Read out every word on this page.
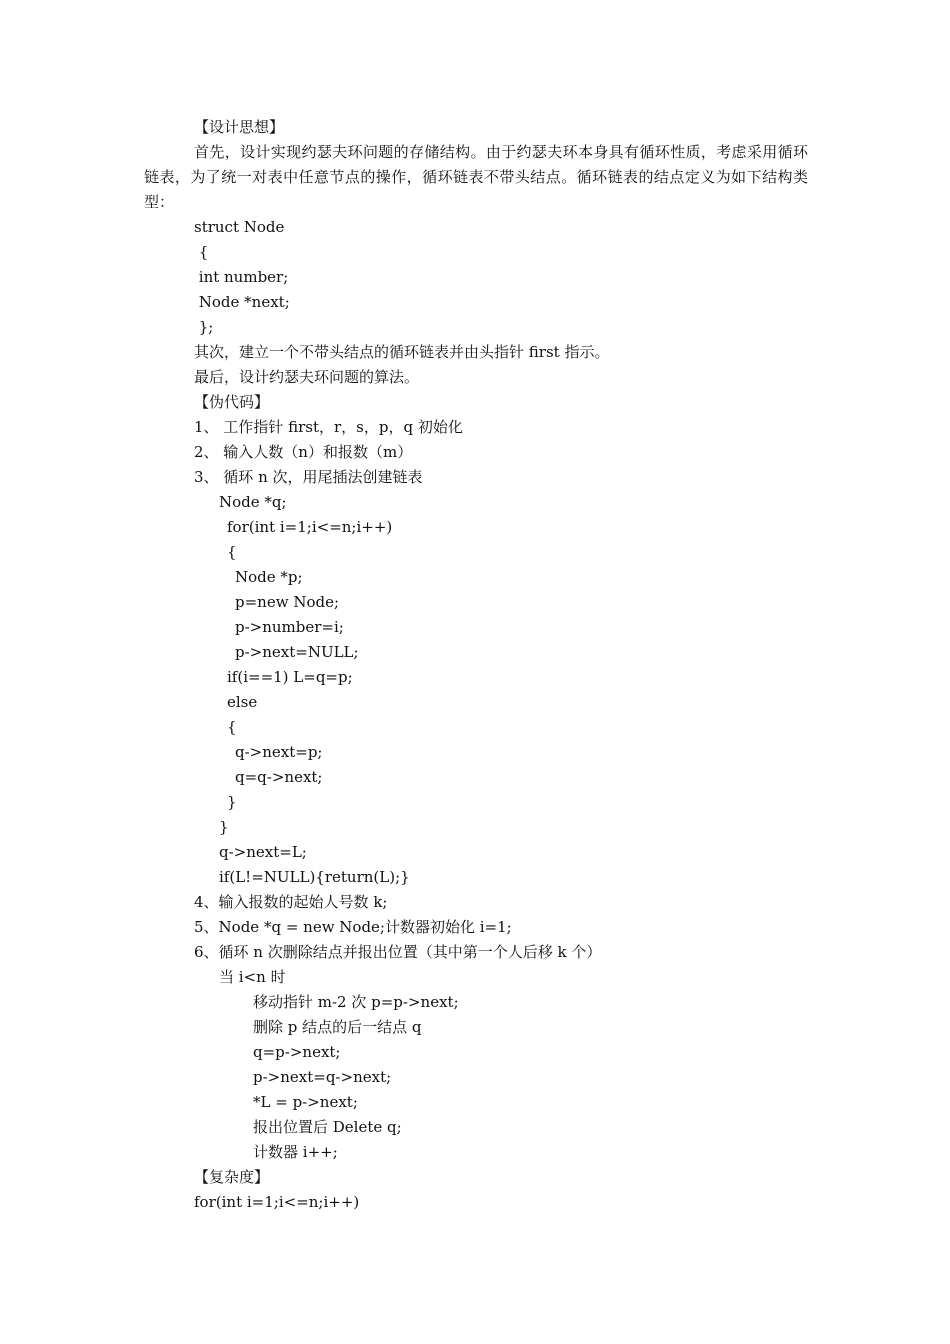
【设计思想】
首先，设计实现约瑟夫环问题的存储结构。由于约瑟夫环本身具有循环性质，考虑采用循环链表，为了统一对表中任意节点的操作，循环链表不带头结点。循环链表的结点定义为如下结构类型：
struct Node
{
int number;
Node *next;
};
其次，建立一个不带头结点的循环链表并由头指针 first 指示。
最后，设计约瑟夫环问题的算法。
【伪代码】
1、 工作指针 first，r，s，p，q 初始化
2、 输入人数（n）和报数（m）
3、 循环 n 次，用尾插法创建链表
Node *q;
for(int i=1;i<=n;i++)
{
Node *p;
p=new Node;
p->number=i;
p->next=NULL;
if(i==1) L=q=p;
else
{
q->next=p;
q=q->next;
}
}
q->next=L;
if(L!=NULL){return(L);}
4、输入报数的起始人号数 k;
5、Node *q = new Node;计数器初始化 i=1;
6、循环 n 次删除结点并报出位置（其中第一个人后移 k 个）
当 i<n 时
移动指针 m-2 次 p=p->next;
删除 p 结点的后一结点 q
q=p->next;
p->next=q->next;
*L = p->next;
报出位置后 Delete q;
计数器 i++;
【复杂度】
for(int i=1;i<=n;i++)
